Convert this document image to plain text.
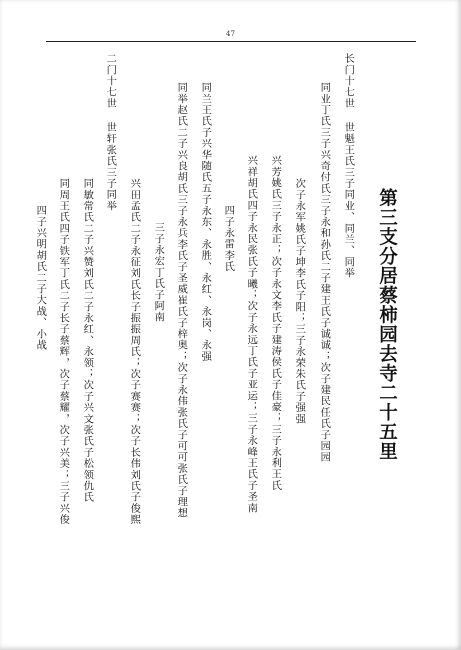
47
第三支分居蔡柿园去寺二十五里
长门十七世 世魁王氏三子同业、同兰、同举
同业丁氏三子兴奇付氏三子永和孙氏二子建王氏子诚诚；次子建民任氏子园园
次子永军姚氏子坤李氏子阳；三子永荣朱氏子强强
兴芳姚氏三子永正；次子永文李氏子建涛侯氏子佳豪；三子永利王氏
兴祥胡氏四子永民张氏子曦；次子永远丁氏子亚运；三子永峰王氏子圣南
四子永雷李氏
同兰王氏子兴华随氏五子永东、永胜、永红、永岗、永强
同举赵氏二子兴良胡氏三子永兵李氏子圣威崔氏子梓奥；次子永伟张氏子可可张氏子理想
三子永宏丁氏子阿南
兴田孟氏二子永征刘氏长子振振周氏；次子赛赛；次子长伟刘氏子俊熙
二门十七世 世轩张氏三子同举
同敏常氏二子兴赞刘氏二子永红、永领；次子兴文张氏子松领仇氏
同周王氏四子铁军丁氏二子长子蔡辉，次子蔡耀，次子兴美；三子兴俊
四子兴明胡氏二子大战、小战
